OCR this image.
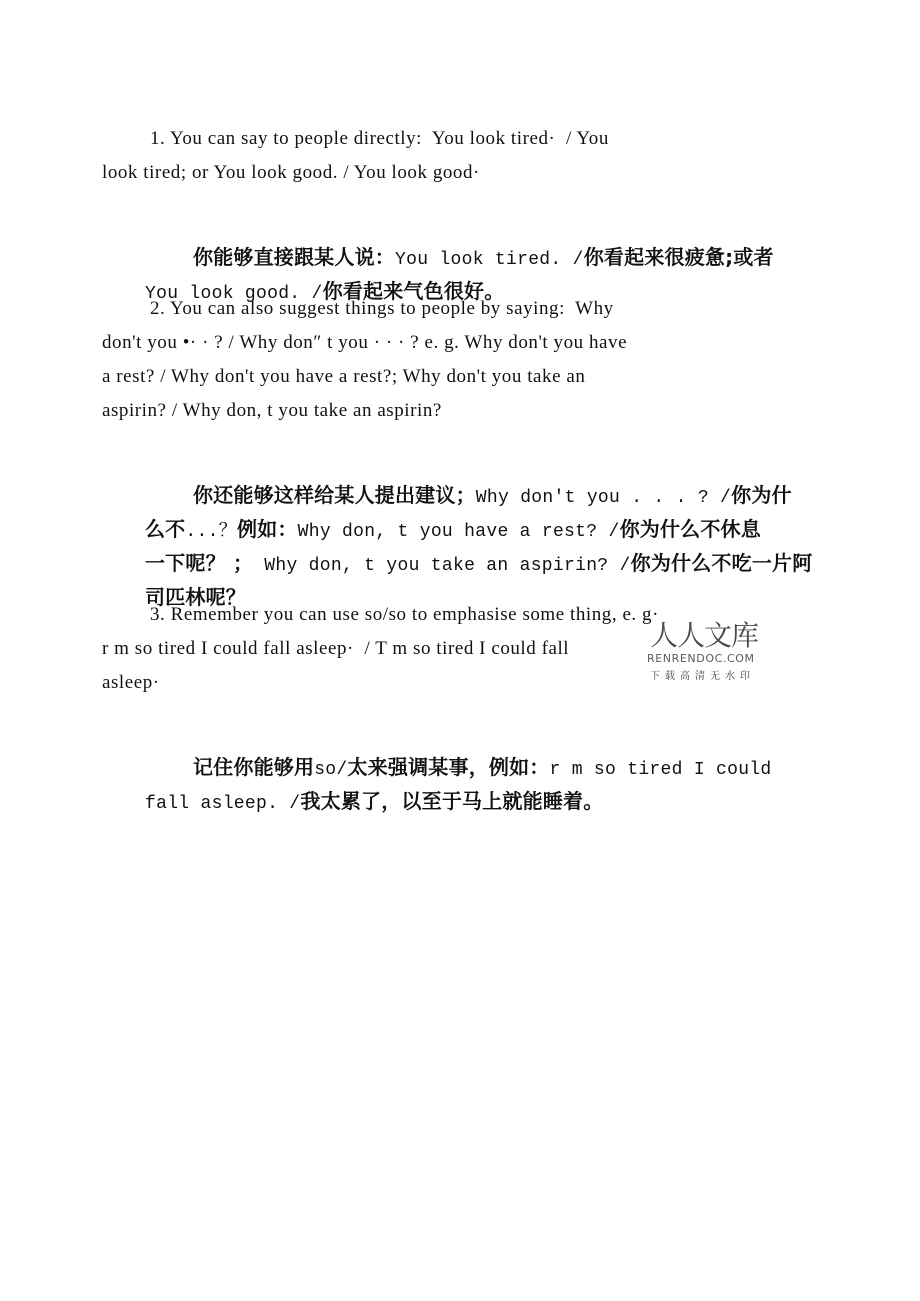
1. You can say to people directly:  You look tired·  / You
look tired; or You look good. / You look good·

你能够直接跟某人说：You look tired. /你看起来很疲惫;或者

You look good. /你看起来气色很好。

2. You can also suggest things to people by saying:  Why
don't you •· · ? / Why don″ t you · · · ? e. g. Why don't you have
a rest? / Why don't you have a rest?; Why don't you take an
aspirin? / Why don, t you take an aspirin?

你还能够这样给某人提出建议；Why don't you . . . ? /你为什

么不...？例如：Why don, t you have a rest? /你为什么不休息

一下呢？ ； Why don, t you take an aspirin? /你为什么不吃一片阿

司匹林呢？

3. Remember you can use so/so to emphasise some thing, e. g·
r m so tired I could fall asleep·  / T m so tired I could fall
asleep·

记住你能够用so/太来强调某事，例如：r m so tired I could

fall asleep. /我太累了，以至于马上就能睡着。

人人文库
RENRENDOC.COM
下载高清无水印
